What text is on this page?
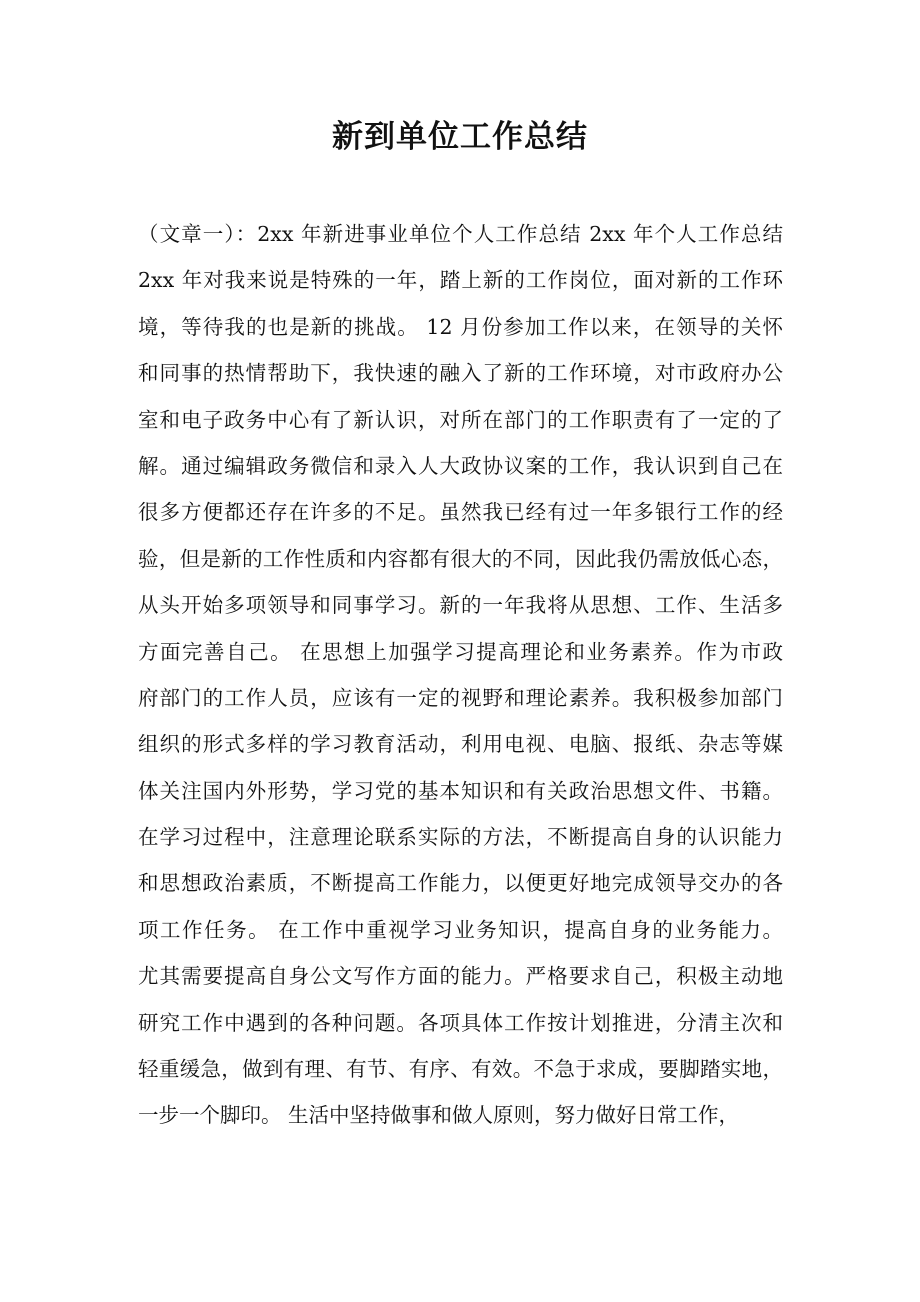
新到单位工作总结
（文章一）：2xx 年新进事业单位个人工作总结 2xx 年个人工作总结
2xx 年对我来说是特殊的一年，踏上新的工作岗位，面对新的工作环
境，等待我的也是新的挑战。 12 月份参加工作以来，在领导的关怀
和同事的热情帮助下，我快速的融入了新的工作环境，对市政府办公
室和电子政务中心有了新认识，对所在部门的工作职责有了一定的了
解。通过编辑政务微信和录入人大政协议案的工作，我认识到自己在
很多方便都还存在许多的不足。虽然我已经有过一年多银行工作的经
验，但是新的工作性质和内容都有很大的不同，因此我仍需放低心态，
从头开始多项领导和同事学习。新的一年我将从思想、工作、生活多
方面完善自己。 在思想上加强学习提高理论和业务素养。作为市政
府部门的工作人员，应该有一定的视野和理论素养。我积极参加部门
组织的形式多样的学习教育活动，利用电视、电脑、报纸、杂志等媒
体关注国内外形势，学习党的基本知识和有关政治思想文件、书籍。
在学习过程中，注意理论联系实际的方法，不断提高自身的认识能力
和思想政治素质，不断提高工作能力，以便更好地完成领导交办的各
项工作任务。 在工作中重视学习业务知识，提高自身的业务能力。
尤其需要提高自身公文写作方面的能力。严格要求自己，积极主动地
研究工作中遇到的各种问题。各项具体工作按计划推进，分清主次和
轻重缓急，做到有理、有节、有序、有效。不急于求成，要脚踏实地，
一步一个脚印。 生活中坚持做事和做人原则，努力做好日常工作，
